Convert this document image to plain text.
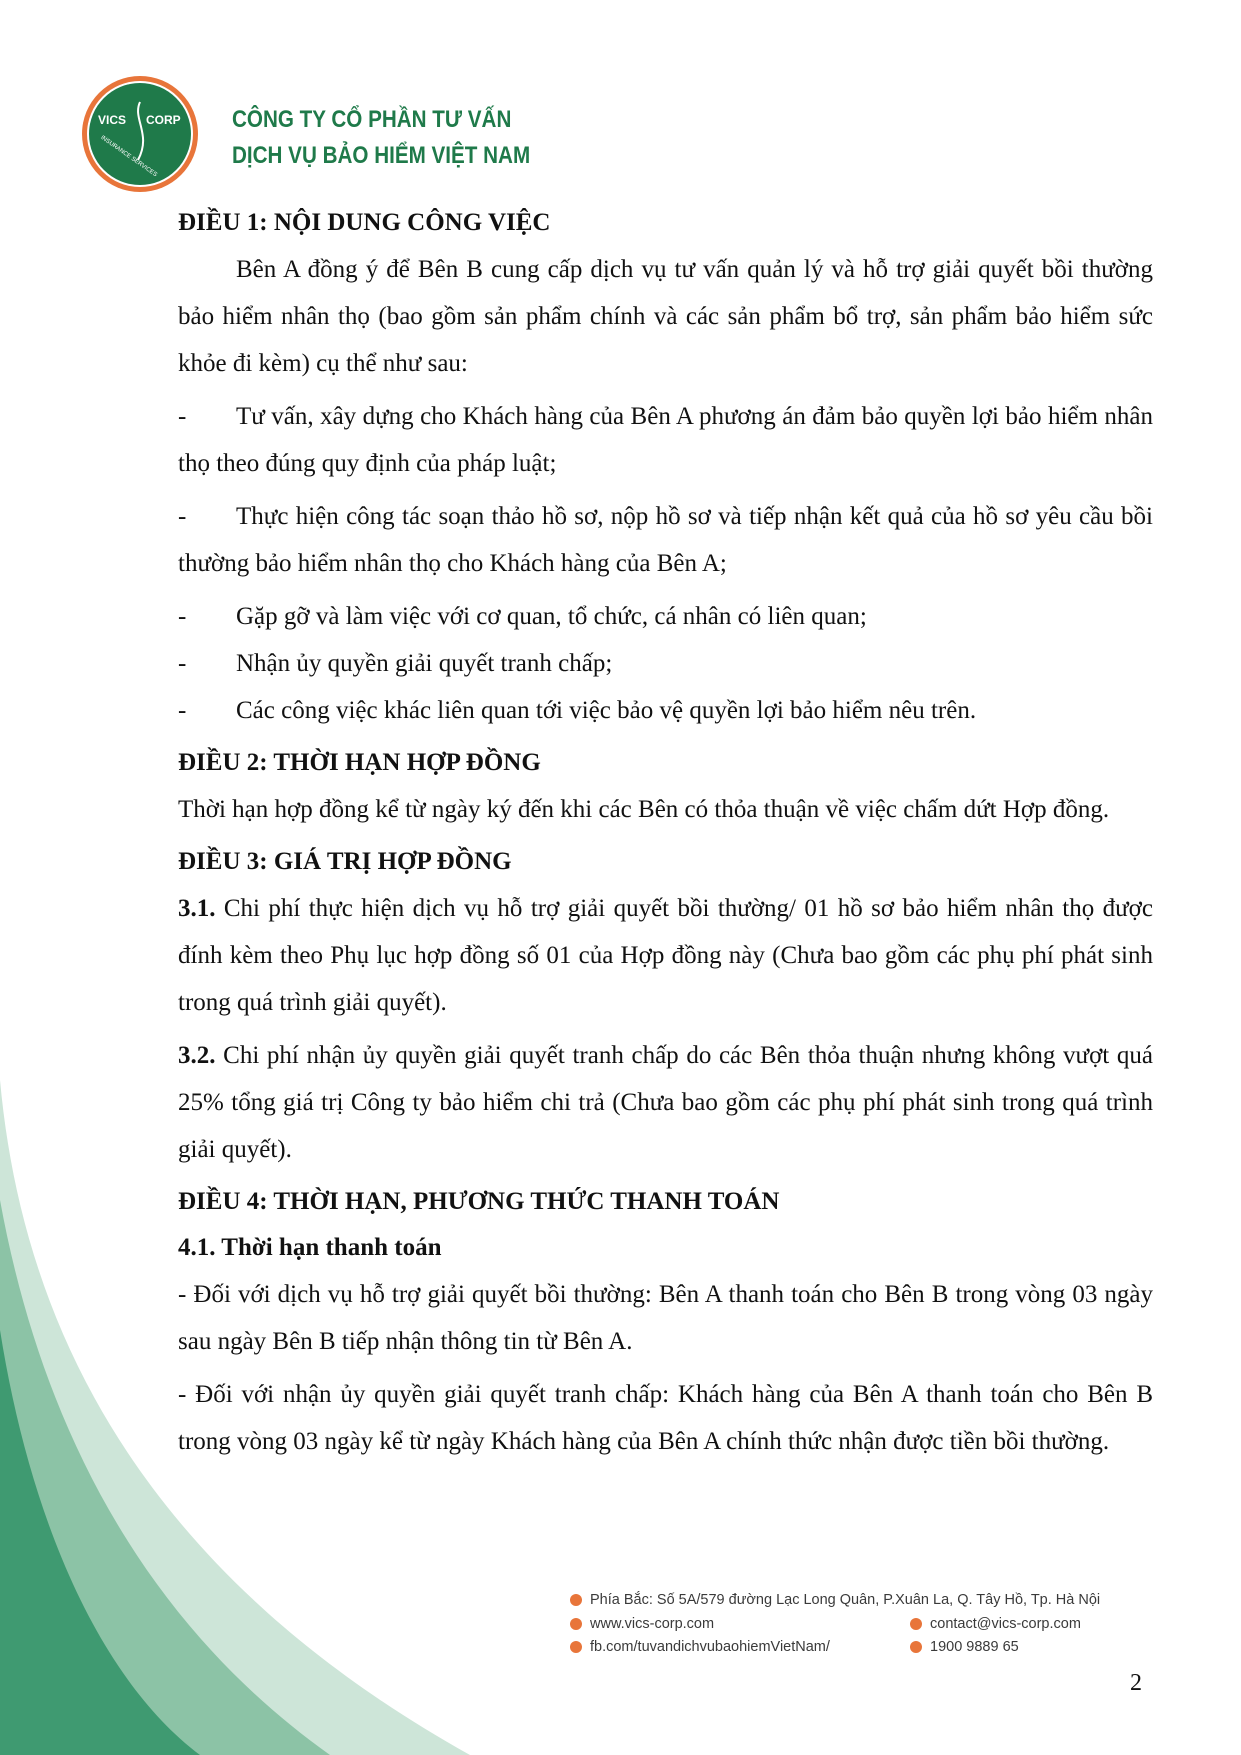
VICS CORP
INSURANCE SERVICES
CÔNG TY CỔ PHẦN TƯ VẤN
DỊCH VỤ BẢO HIỂM VIỆT NAM
ĐIỀU 1: NỘI DUNG CÔNG VIỆC

Bên A đồng ý để Bên B cung cấp dịch vụ tư vấn quản lý và hỗ trợ giải quyết bồi thường bảo hiểm nhân thọ (bao gồm sản phẩm chính và các sản phẩm bổ trợ, sản phẩm bảo hiểm sức khỏe đi kèm) cụ thể như sau:

- Tư vấn, xây dựng cho Khách hàng của Bên A phương án đảm bảo quyền lợi bảo hiểm nhân thọ theo đúng quy định của pháp luật;

- Thực hiện công tác soạn thảo hồ sơ, nộp hồ sơ và tiếp nhận kết quả của hồ sơ yêu cầu bồi thường bảo hiểm nhân thọ cho Khách hàng của Bên A;

- Gặp gỡ và làm việc với cơ quan, tổ chức, cá nhân có liên quan;

- Nhận ủy quyền giải quyết tranh chấp;

- Các công việc khác liên quan tới việc bảo vệ quyền lợi bảo hiểm nêu trên.

ĐIỀU 2: THỜI HẠN HỢP ĐỒNG

Thời hạn hợp đồng kể từ ngày ký đến khi các Bên có thỏa thuận về việc chấm dứt Hợp đồng.

ĐIỀU 3: GIÁ TRỊ HỢP ĐỒNG

3.1. Chi phí thực hiện dịch vụ hỗ trợ giải quyết bồi thường/ 01 hồ sơ bảo hiểm nhân thọ được đính kèm theo Phụ lục hợp đồng số 01 của Hợp đồng này (Chưa bao gồm các phụ phí phát sinh trong quá trình giải quyết).

3.2. Chi phí nhận ủy quyền giải quyết tranh chấp do các Bên thỏa thuận nhưng không vượt quá 25% tổng giá trị Công ty bảo hiểm chi trả (Chưa bao gồm các phụ phí phát sinh trong quá trình giải quyết).

ĐIỀU 4: THỜI HẠN, PHƯƠNG THỨC THANH TOÁN
4.1. Thời hạn thanh toán

- Đối với dịch vụ hỗ trợ giải quyết bồi thường: Bên A thanh toán cho Bên B trong vòng 03 ngày sau ngày Bên B tiếp nhận thông tin từ Bên A.

- Đối với nhận ủy quyền giải quyết tranh chấp: Khách hàng của Bên A thanh toán cho Bên B trong vòng 03 ngày kể từ ngày Khách hàng của Bên A chính thức nhận được tiền bồi thường.

Phía Bắc: Số 5A/579 đường Lạc Long Quân, P.Xuân La, Q. Tây Hồ, Tp. Hà Nội
www.vics-corp.com	contact@vics-corp.com
fb.com/tuvandichvubaohiemVietNam/	1900 9889 65
2
